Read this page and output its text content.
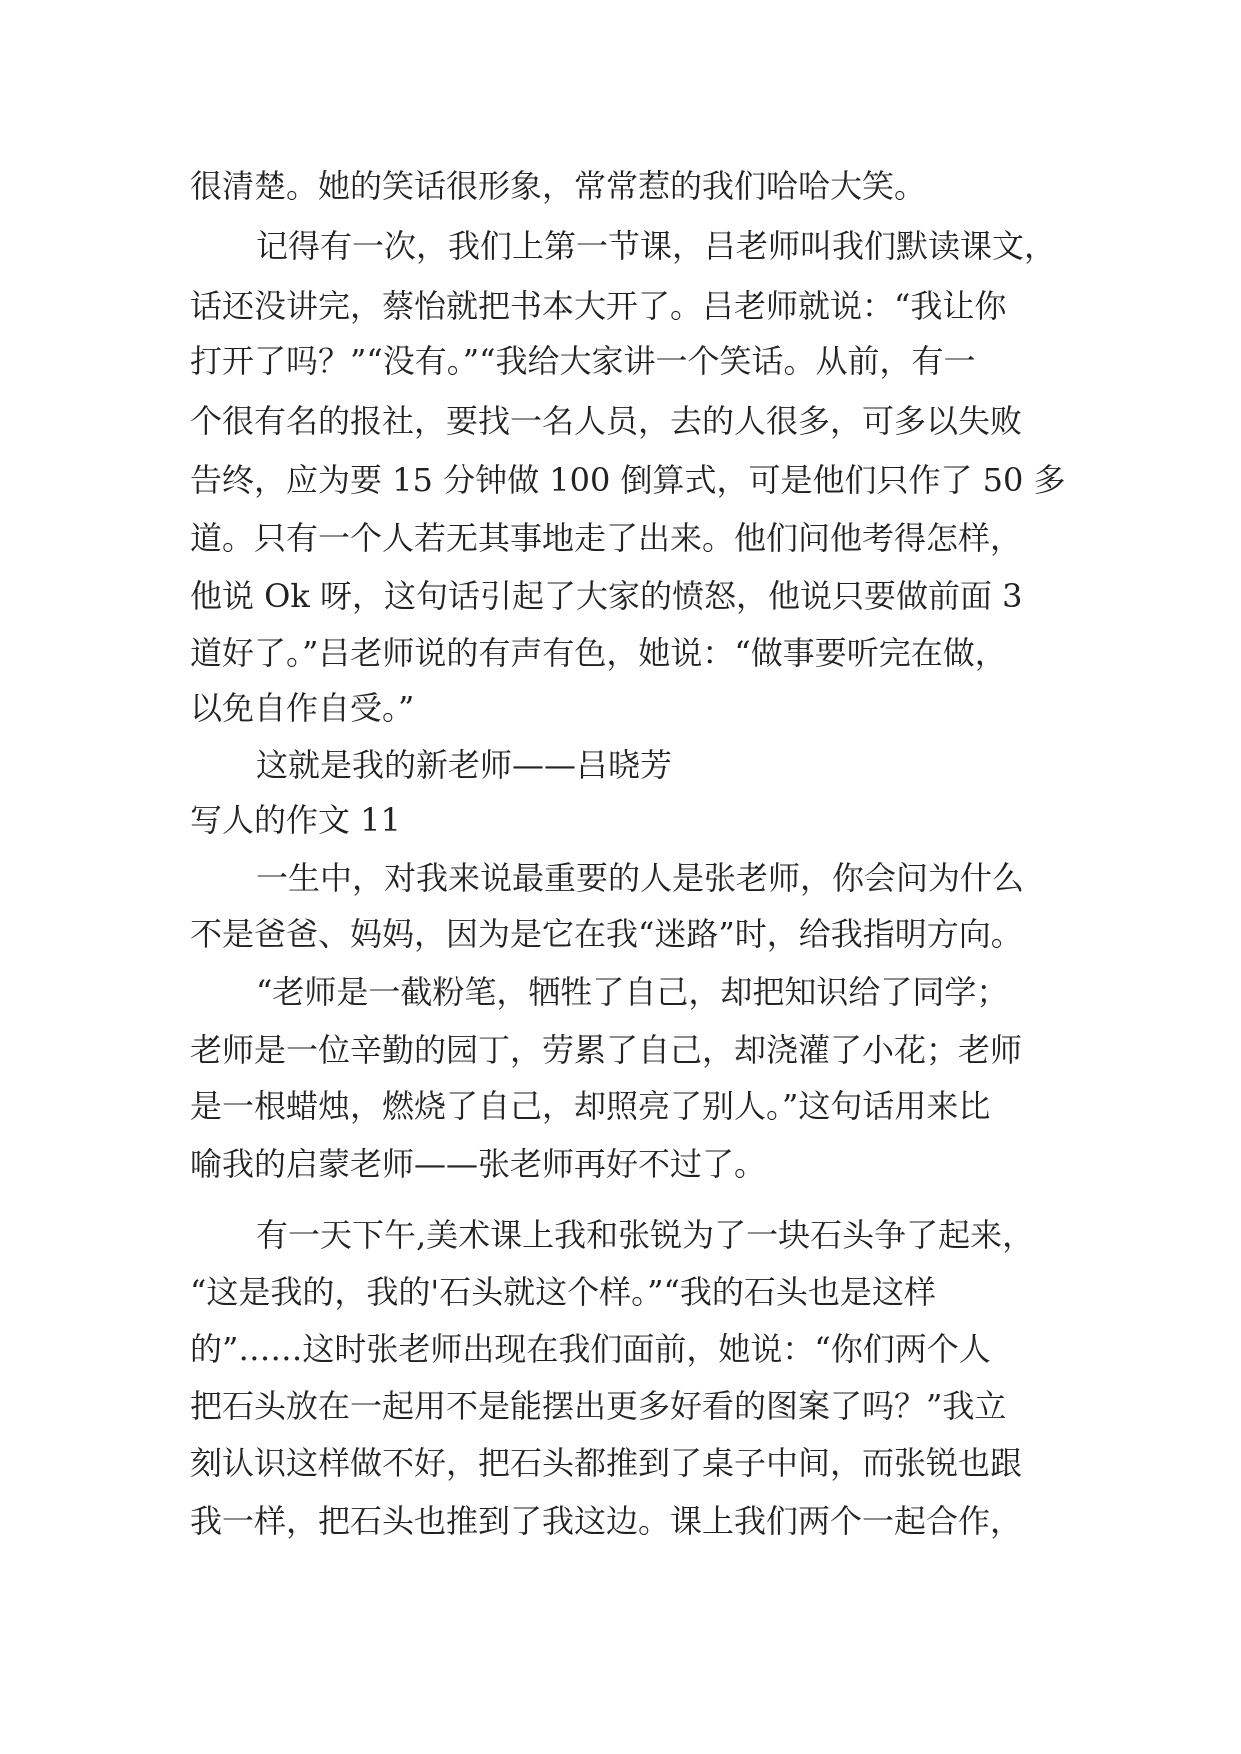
很清楚。她的笑话很形象，常常惹的我们哈哈大笑。
记得有一次，我们上第一节课，吕老师叫我们默读课文，
话还没讲完，蔡怡就把书本大开了。吕老师就说：“我让你
打开了吗？”“没有。”“我给大家讲一个笑话。从前，有一
个很有名的报社，要找一名人员，去的人很多，可多以失败
告终，应为要 15 分钟做 100 倒算式，可是他们只作了 50 多
道。只有一个人若无其事地走了出来。他们问他考得怎样，
他说 Ok 呀，这句话引起了大家的愤怒，他说只要做前面 3
道好了。”吕老师说的有声有色，她说：“做事要听完在做，
以免自作自受。”
这就是我的新老师——吕晓芳
写人的作文 11
一生中，对我来说最重要的人是张老师，你会问为什么
不是爸爸、妈妈，因为是它在我“迷路”时，给我指明方向。
“老师是一截粉笔，牺牲了自己，却把知识给了同学；
老师是一位辛勤的园丁，劳累了自己，却浇灌了小花；老师
是一根蜡烛，燃烧了自己，却照亮了别人。”这句话用来比
喻我的启蒙老师——张老师再好不过了。
有一天下午,美术课上我和张锐为了一块石头争了起来，
“这是我的，我的'石头就这个样。”“我的石头也是这样
的”……这时张老师出现在我们面前，她说：“你们两个人
把石头放在一起用不是能摆出更多好看的图案了吗？”我立
刻认识这样做不好，把石头都推到了桌子中间，而张锐也跟
我一样，把石头也推到了我这边。课上我们两个一起合作，
